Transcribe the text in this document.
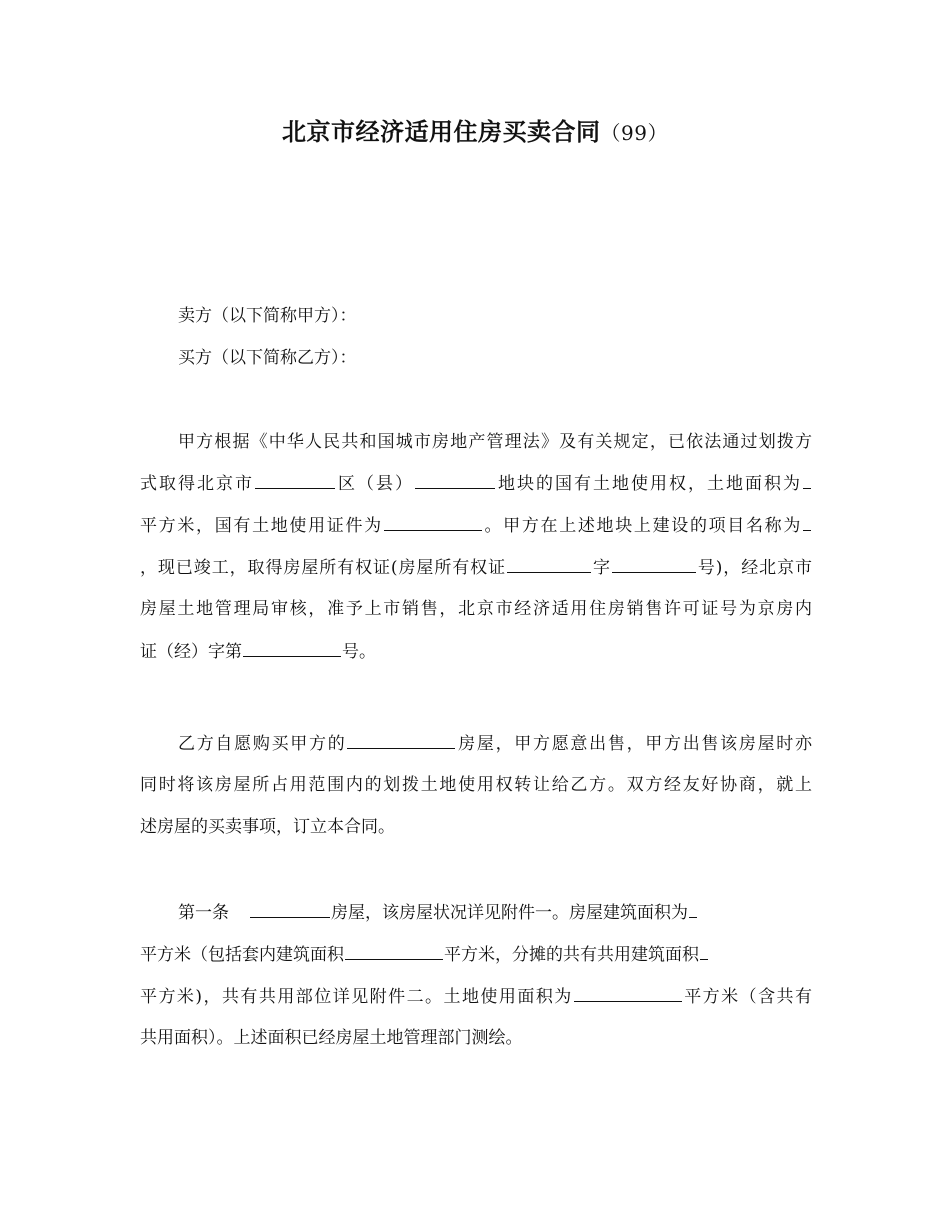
北京市经济适用住房买卖合同（99）
卖方（以下简称甲方）：
买方（以下简称乙方）：
甲方根据《中华人民共和国城市房地产管理法》及有关规定，已依法通过划拨方
式取得北京市	区（县）	地块的国有土地使用权，土地面积为
平方米，国有土地使用证件为	。甲方在上述地块上建设的项目名称为
，现已竣工，取得房屋所有权证(房屋所有权证	字	号)，经北京市
房屋土地管理局审核，准予上市销售，北京市经济适用住房销售许可证号为京房内
证（经）字第	号。
乙方自愿购买甲方的	房屋，甲方愿意出售，甲方出售该房屋时亦
同时将该房屋所占用范围内的划拨土地使用权转让给乙方。双方经友好协商，就上
述房屋的买卖事项，订立本合同。
第一条	房屋，该房屋状况详见附件一。房屋建筑面积为
平方米（包括套内建筑面积	平方米，分摊的共有共用建筑面积
平方米)，共有共用部位详见附件二。土地使用面积为	平方米（含共有
共用面积）。上述面积已经房屋土地管理部门测绘。
